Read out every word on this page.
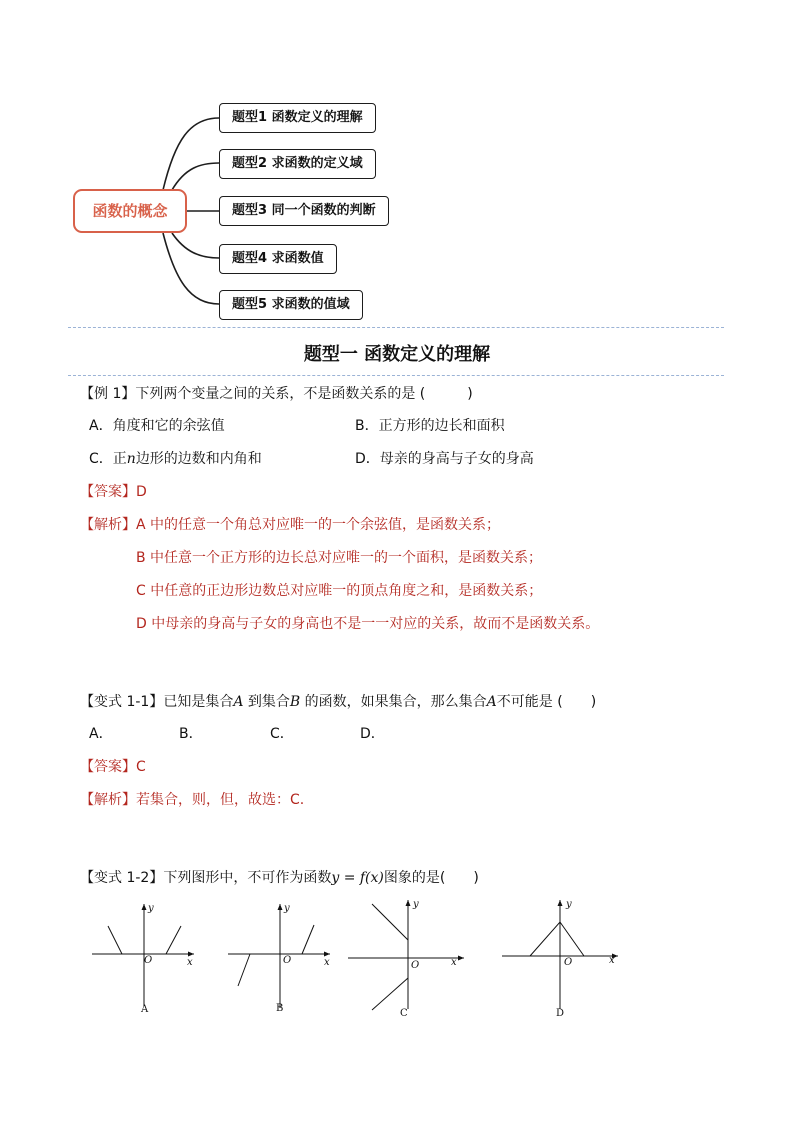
函数的概念
题型1 函数定义的理解
题型2 求函数的定义域
题型3 同一个函数的判断
题型4 求函数值
题型5 求函数的值域
题型一 函数定义的理解
【例 1】下列两个变量之间的关系，不是函数关系的是 (　　　)
A．角度和它的余弦值	B．正方形的边长和面积
C．正n边形的边数和内角和	D．母亲的身高与子女的身高
【答案】D
【解析】A 中的任意一个角总对应唯一的一个余弦值，是函数关系；
B 中任意一个正方形的边长总对应唯一的一个面积，是函数关系；
C 中任意的正边形边数总对应唯一的顶点角度之和，是函数关系；
D 中母亲的身高与子女的身高也不是一一对应的关系，故而不是函数关系。
【变式 1-1】已知是集合A 到集合B 的函数，如果集合，那么集合A不可能是 (　　)
A．	B．	C．	D．
【答案】C
【解析】若集合，则，但，故选：C.
【变式 1-2】下列图形中，不可作为函数y = f(x)图象的是(　　)
x
y
O
A
x
y
O
B
x
y
O
C
x
y
O
D
